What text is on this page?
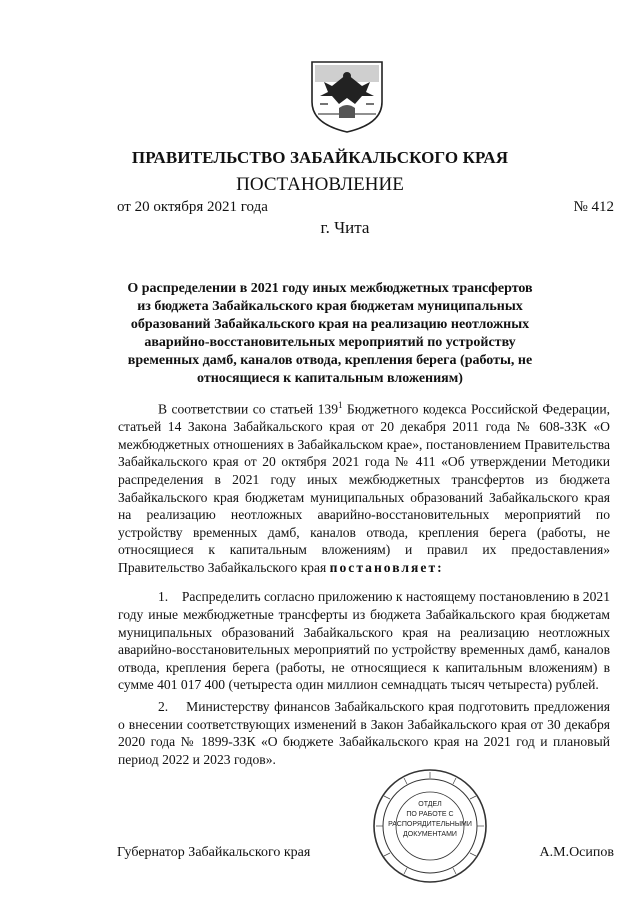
ПРАВИТЕЛЬСТВО ЗАБАЙКАЛЬСКОГО КРАЯ
ПОСТАНОВЛЕНИЕ
от 20 октября 2021 года	№ 412
г. Чита
О распределении в 2021 году иных межбюджетных трансфертов из бюджета Забайкальского края бюджетам муниципальных образований Забайкальского края на реализацию неотложных аварийно-восстановительных мероприятий по устройству временных дамб, каналов отвода, крепления берега (работы, не относящиеся к капитальным вложениям)

В соответствии со статьей $139^1$ Бюджетного кодекса Российской Федерации, статьей 14 Закона Забайкальского края от 20 декабря 2011 года № 608-ЗЗК «О межбюджетных отношениях в Забайкальском крае», постановлением Правительства Забайкальского края от 20 октября 2021 года № 411 «Об утверждении Методики распределения в 2021 году иных межбюджетных трансфертов из бюджета Забайкальского края бюджетам муниципальных образований Забайкальского края на реализацию неотложных аварийно-восстановительных мероприятий по устройству временных дамб, каналов отвода, крепления берега (работы, не относящиеся к капитальным вложениям) и правил их предоставления» Правительство Забайкальского края постановляет:

1.    Распределить согласно приложению к настоящему постановлению в 2021 году иные межбюджетные трансферты из бюджета Забайкальского края бюджетам муниципальных образований Забайкальского края на реализацию неотложных аварийно-восстановительных мероприятий по устройству временных дамб, каналов отвода, крепления берега (работы, не относящиеся к капитальным вложениям) в сумме 401 017 400 (четыреста один миллион семнадцать тысяч четыреста) рублей.

2.    Министерству финансов Забайкальского края подготовить предложения о внесении соответствующих изменений в Закон Забайкальского края от 30 декабря 2020 года № 1899-ЗЗК «О бюджете Забайкальского края на 2021 год и плановый период 2022 и 2023 годов».

ОТДЕЛ
ПО РАБОТЕ С
РАСПОРЯДИТЕЛЬНЫМИ
ДОКУМЕНТАМИ
Губернатор Забайкальского края	А.М.Осипов
